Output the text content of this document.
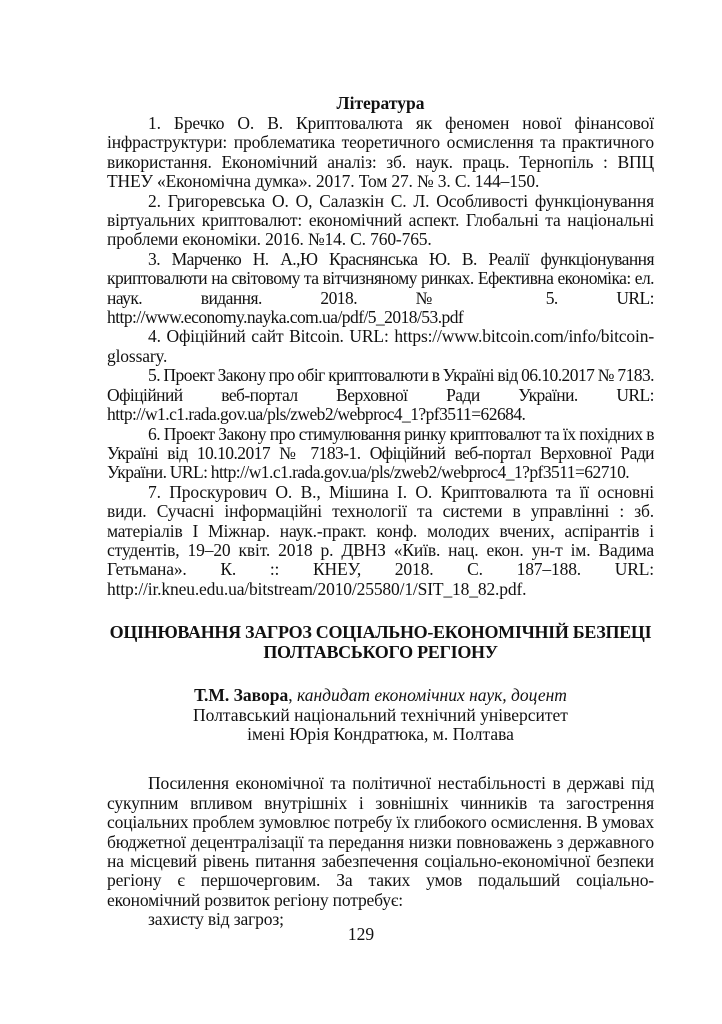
Література

1. Бречко О. В. Криптовалюта як феномен нової фінансової інфраструктури: проблематика теоретичного осмислення та практичного використання. Економічний аналіз: зб. наук. праць. Тернопіль : ВПЦ ТНЕУ «Економічна думка». 2017. Том 27. № 3. С. 144–150.

2. Григоревська О. О, Салазкін С. Л. Особливості функціонування віртуальних криптовалют: економічний аспект. Глобальні та національні проблеми економіки. 2016. №14. С. 760-765.

3. Марченко Н. А.,Ю Краснянська Ю. В. Реалії функціонування криптовалюти на світовому та вітчизняному ринках. Ефективна економіка: ел. наук. видання. 2018. № 5. URL: http://www.economy.nayka.com.ua/pdf/5_2018/53.pdf

4. Офіційний сайт Bitcoin. URL: https://www.bitcoin.com/info/bitcoin-glossary.

5. Проект Закону про обіг криптовалюти в Україні від 06.10.2017 № 7183. Офіційний веб-портал Верховної Ради України. URL: http://w1.c1.rada.gov.ua/pls/zweb2/webproc4_1?pf3511=62684.

6. Проект Закону про стимулювання ринку криптовалют та їх похідних в Україні від 10.10.2017 № 7183-1. Офіційний веб-портал Верховної Ради України. URL: http://w1.c1.rada.gov.ua/pls/zweb2/webproc4_1?pf3511=62710.

7. Проскурович О. В., Мішина І. О. Криптовалюта та її основні види. Сучасні інформаційні технології та системи в управлінні : зб. матеріалів І Міжнар. наук.-практ. конф. молодих вчених, аспірантів і студентів, 19–20 квіт. 2018 р. ДВНЗ «Київ. нац. екон. ун-т ім. Вадима Гетьмана». К. :: КНЕУ, 2018. С. 187–188. URL: http://ir.kneu.edu.ua/bitstream/2010/25580/1/SIT_18_82.pdf.

ОЦІНЮВАННЯ ЗАГРОЗ СОЦІАЛЬНО-ЕКОНОМІЧНІЙ БЕЗПЕЦІ
ПОЛТАВСЬКОГО РЕГІОНУ
Т.М. Завора, кандидат економічних наук, доцент
Полтавський національний технічний університет
імені Юрія Кондратюка, м. Полтава

Посилення економічної та політичної нестабільності в державі під сукупним впливом внутрішніх і зовнішніх чинників та загострення соціальних проблем зумовлює потребу їх глибокого осмислення. В умовах бюджетної децентралізації та передання низки повноважень з державного на місцевий рівень питання забезпечення соціально-економічної безпеки регіону є першочерговим. За таких умов подальший соціально-економічний розвиток регіону потребує:

захисту від загроз;

129
